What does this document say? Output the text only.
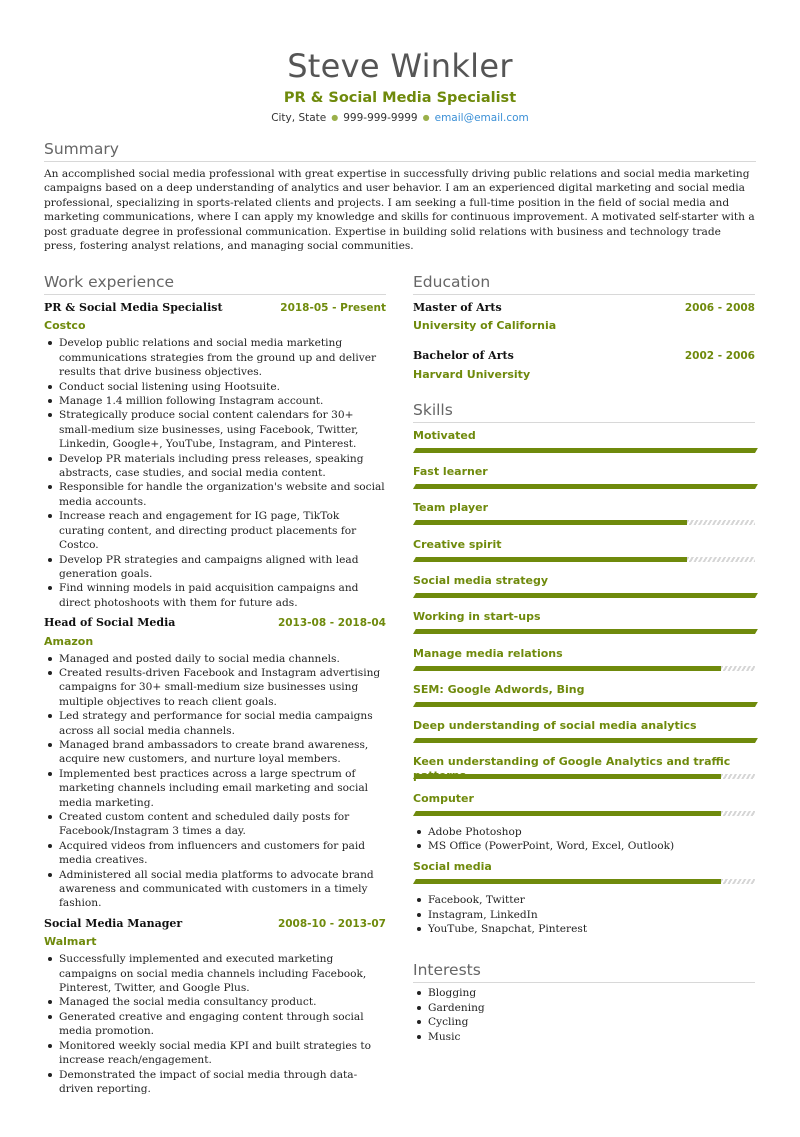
Steve Winkler
PR & Social Media Specialist
City, State ● 999-999-9999 ● email@email.com
Summary

An accomplished social media professional with great expertise in successfully driving public relations and social media marketing campaigns based on a deep understanding of analytics and user behavior. I am an experienced digital marketing and social media professional, specializing in sports-related clients and projects. I am seeking a full-time position in the field of social media and marketing communications, where I can apply my knowledge and skills for continuous improvement. A motivated self-starter with a post graduate degree in professional communication. Expertise in building solid relations with business and technology trade press, fostering analyst relations, and managing social communities.

Work experience
PR & Social Media Specialist	2018-05 - Present
Costco
Develop public relations and social media marketing communications strategies from the ground up and deliver results that drive business objectives.
Conduct social listening using Hootsuite.
Manage 1.4 million following Instagram account.
Strategically produce social content calendars for 30+ small-medium size businesses, using Facebook, Twitter, Linkedin, Google+, YouTube, Instagram, and Pinterest.
Develop PR materials including press releases, speaking abstracts, case studies, and social media content.
Responsible for handle the organization's website and social media accounts.
Increase reach and engagement for IG page, TikTok curating content, and directing product placements for Costco.
Develop PR strategies and campaigns aligned with lead generation goals.
Find winning models in paid acquisition campaigns and direct photoshoots with them for future ads.
Head of Social Media	2013-08 - 2018-04
Amazon
Managed and posted daily to social media channels.
Created results-driven Facebook and Instagram advertising campaigns for 30+ small-medium size businesses using multiple objectives to reach client goals.
Led strategy and performance for social media campaigns across all social media channels.
Managed brand ambassadors to create brand awareness, acquire new customers, and nurture loyal members.
Implemented best practices across a large spectrum of marketing channels including email marketing and social media marketing.
Created custom content and scheduled daily posts for Facebook/Instagram 3 times a day.
Acquired videos from influencers and customers for paid media creatives.
Administered all social media platforms to advocate brand awareness and communicated with customers in a timely fashion.
Social Media Manager	2008-10 - 2013-07
Walmart
Successfully implemented and executed marketing campaigns on social media channels including Facebook, Pinterest, Twitter, and Google Plus.
Managed the social media consultancy product.
Generated creative and engaging content through social media promotion.
Monitored weekly social media KPI and built strategies to increase reach/engagement.
Demonstrated the impact of social media through data-driven reporting.
Education
Master of Arts	2006 - 2008
University of California
Bachelor of Arts	2002 - 2006
Harvard University
Skills
Motivated
Fast learner
Team player
Creative spirit
Social media strategy
Working in start-ups
Manage media relations
SEM: Google Adwords, Bing
Deep understanding of social media analytics
Keen understanding of Google Analytics and traffic
Computer
Adobe Photoshop
MS Office (PowerPoint, Word, Excel, Outlook)
Social media
Facebook, Twitter
Instagram, LinkedIn
YouTube, Snapchat, Pinterest
Interests
Blogging
Gardening
Cycling
Music
